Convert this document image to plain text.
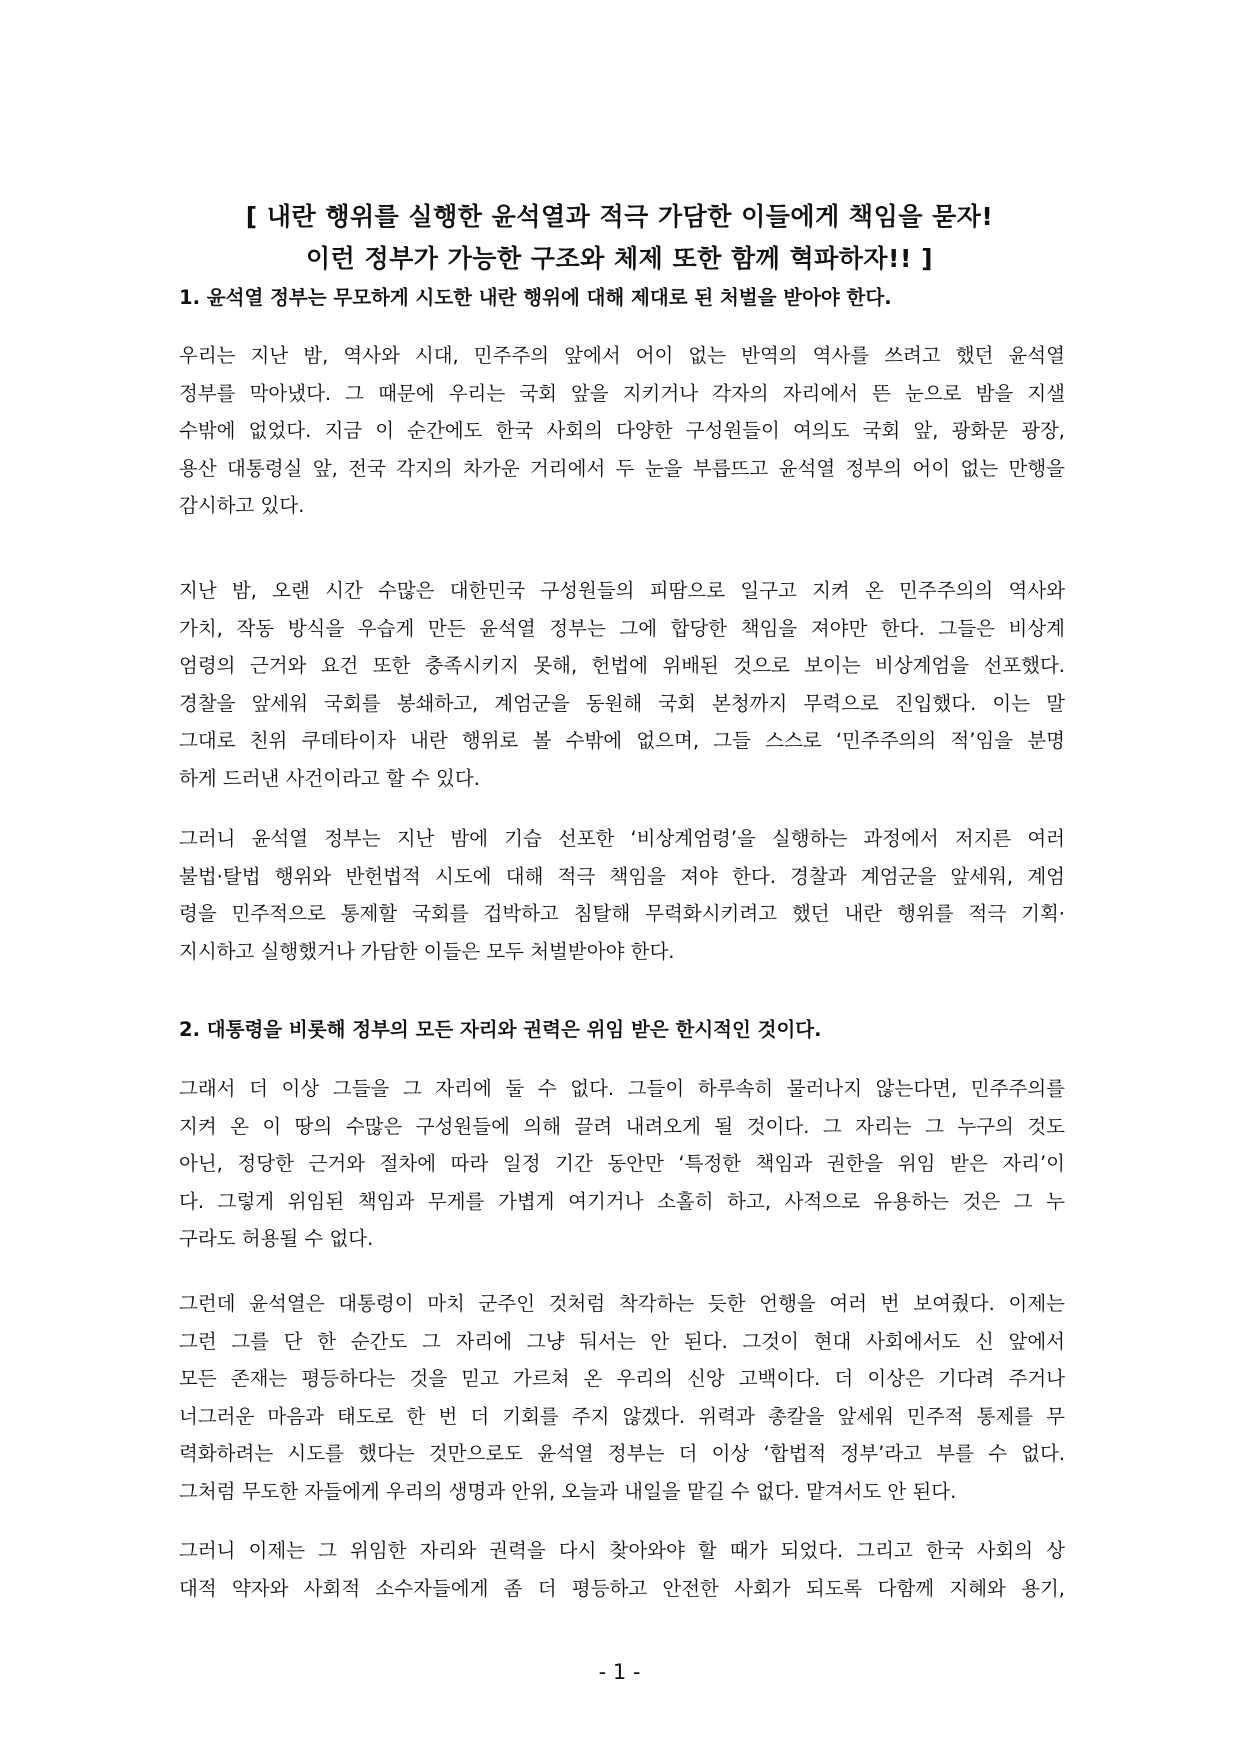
[ 내란 행위를 실행한 윤석열과 적극 가담한 이들에게 책임을 묻자!
이런 정부가 가능한 구조와 체제 또한 함께 혁파하자!! ]
1. 윤석열 정부는 무모하게 시도한 내란 행위에 대해 제대로 된 처벌을 받아야 한다.
우리는 지난 밤, 역사와 시대, 민주주의 앞에서 어이 없는 반역의 역사를 쓰려고 했던 윤석열
정부를 막아냈다. 그 때문에 우리는 국회 앞을 지키거나 각자의 자리에서 뜬 눈으로 밤을 지샐
수밖에 없었다. 지금 이 순간에도 한국 사회의 다양한 구성원들이 여의도 국회 앞, 광화문 광장,
용산 대통령실 앞, 전국 각지의 차가운 거리에서 두 눈을 부릅뜨고 윤석열 정부의 어이 없는 만행을
감시하고 있다.
지난 밤, 오랜 시간 수많은 대한민국 구성원들의 피땀으로 일구고 지켜 온 민주주의의 역사와
가치, 작동 방식을 우습게 만든 윤석열 정부는 그에 합당한 책임을 져야만 한다. 그들은 비상계
엄령의 근거와 요건 또한 충족시키지 못해, 헌법에 위배된 것으로 보이는 비상계엄을 선포했다.
경찰을 앞세워 국회를 봉쇄하고, 계엄군을 동원해 국회 본청까지 무력으로 진입했다. 이는 말
그대로 친위 쿠데타이자 내란 행위로 볼 수밖에 없으며, 그들 스스로 ‘민주주의의 적’임을 분명
하게 드러낸 사건이라고 할 수 있다.
그러니 윤석열 정부는 지난 밤에 기습 선포한 ‘비상계엄령’을 실행하는 과정에서 저지른 여러
불법·탈법 행위와 반헌법적 시도에 대해 적극 책임을 져야 한다. 경찰과 계엄군을 앞세워, 계엄
령을 민주적으로 통제할 국회를 겁박하고 침탈해 무력화시키려고 했던 내란 행위를 적극 기획·
지시하고 실행했거나 가담한 이들은 모두 처벌받아야 한다.
2. 대통령을 비롯해 정부의 모든 자리와 권력은 위임 받은 한시적인 것이다.
그래서 더 이상 그들을 그 자리에 둘 수 없다. 그들이 하루속히 물러나지 않는다면, 민주주의를
지켜 온 이 땅의 수많은 구성원들에 의해 끌려 내려오게 될 것이다. 그 자리는 그 누구의 것도
아닌, 정당한 근거와 절차에 따라 일정 기간 동안만 ‘특정한 책임과 권한을 위임 받은 자리’이
다. 그렇게 위임된 책임과 무게를 가볍게 여기거나 소홀히 하고, 사적으로 유용하는 것은 그 누
구라도 허용될 수 없다.
그런데 윤석열은 대통령이 마치 군주인 것처럼 착각하는 듯한 언행을 여러 번 보여줬다. 이제는
그런 그를 단 한 순간도 그 자리에 그냥 둬서는 안 된다. 그것이 현대 사회에서도 신 앞에서
모든 존재는 평등하다는 것을 믿고 가르쳐 온 우리의 신앙 고백이다. 더 이상은 기다려 주거나
너그러운 마음과 태도로 한 번 더 기회를 주지 않겠다. 위력과 총칼을 앞세워 민주적 통제를 무
력화하려는 시도를 했다는 것만으로도 윤석열 정부는 더 이상 ‘합법적 정부’라고 부를 수 없다.
그처럼 무도한 자들에게 우리의 생명과 안위, 오늘과 내일을 맡길 수 없다. 맡겨서도 안 된다.
그러니 이제는 그 위임한 자리와 권력을 다시 찾아와야 할 때가 되었다. 그리고 한국 사회의 상
대적 약자와 사회적 소수자들에게 좀 더 평등하고 안전한 사회가 되도록 다함께 지혜와 용기,
- 1 -
